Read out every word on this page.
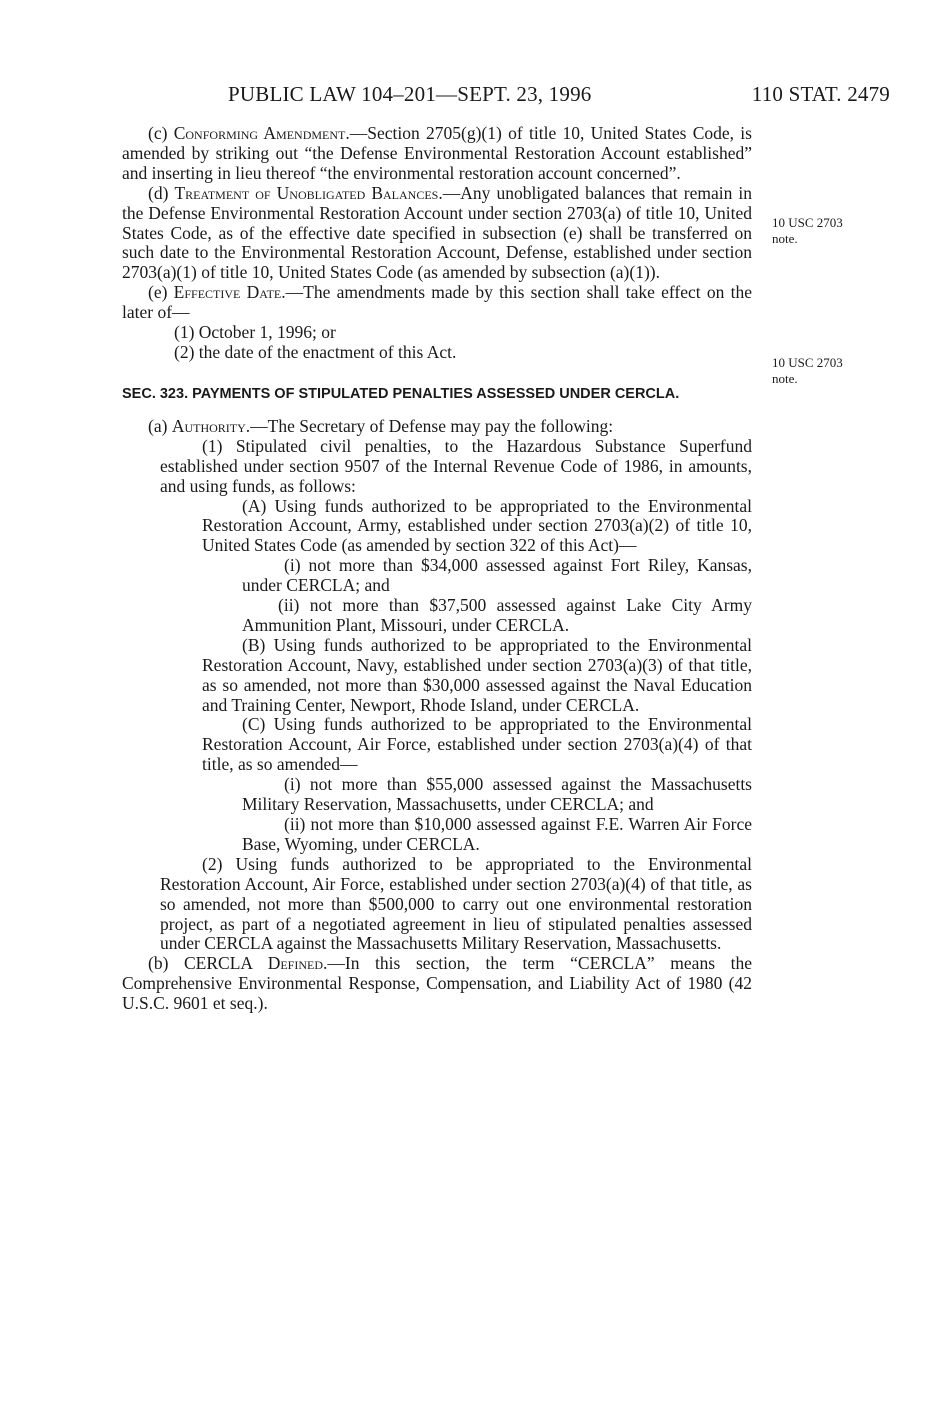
PUBLIC LAW 104–201—SEPT. 23, 1996	110 STAT. 2479
10 USC 2703
note.
10 USC 2703
note.

(c) Conforming Amendment.—Section 2705(g)(1) of title 10, United States Code, is amended by striking out “the Defense Environmental Restoration Account established” and inserting in lieu thereof “the environmental restoration account concerned”.

(d) Treatment of Unobligated Balances.—Any unobligated balances that remain in the Defense Environmental Restoration Account under section 2703(a) of title 10, United States Code, as of the effective date specified in subsection (e) shall be transferred on such date to the Environmental Restoration Account, Defense, established under section 2703(a)(1) of title 10, United States Code (as amended by subsection (a)(1)).

(e) Effective Date.—The amendments made by this section shall take effect on the later of—

(1) October 1, 1996; or

(2) the date of the enactment of this Act.

SEC. 323. PAYMENTS OF STIPULATED PENALTIES ASSESSED UNDER CERCLA.

(a) Authority.—The Secretary of Defense may pay the following:

(1) Stipulated civil penalties, to the Hazardous Substance Superfund established under section 9507 of the Internal Revenue Code of 1986, in amounts, and using funds, as follows:

(A) Using funds authorized to be appropriated to the Environmental Restoration Account, Army, established under section 2703(a)(2) of title 10, United States Code (as amended by section 322 of this Act)—

(i) not more than $34,000 assessed against Fort Riley, Kansas, under CERCLA; and

(ii) not more than $37,500 assessed against Lake City Army Ammunition Plant, Missouri, under CERCLA.

(B) Using funds authorized to be appropriated to the Environmental Restoration Account, Navy, established under section 2703(a)(3) of that title, as so amended, not more than $30,000 assessed against the Naval Education and Training Center, Newport, Rhode Island, under CERCLA.

(C) Using funds authorized to be appropriated to the Environmental Restoration Account, Air Force, established under section 2703(a)(4) of that title, as so amended—

(i) not more than $55,000 assessed against the Massachusetts Military Reservation, Massachusetts, under CERCLA; and

(ii) not more than $10,000 assessed against F.E. Warren Air Force Base, Wyoming, under CERCLA.

(2) Using funds authorized to be appropriated to the Environmental Restoration Account, Air Force, established under section 2703(a)(4) of that title, as so amended, not more than $500,000 to carry out one environmental restoration project, as part of a negotiated agreement in lieu of stipulated penalties assessed under CERCLA against the Massachusetts Military Reservation, Massachusetts.

(b) CERCLA Defined.—In this section, the term “CERCLA” means the Comprehensive Environmental Response, Compensation, and Liability Act of 1980 (42 U.S.C. 9601 et seq.).
